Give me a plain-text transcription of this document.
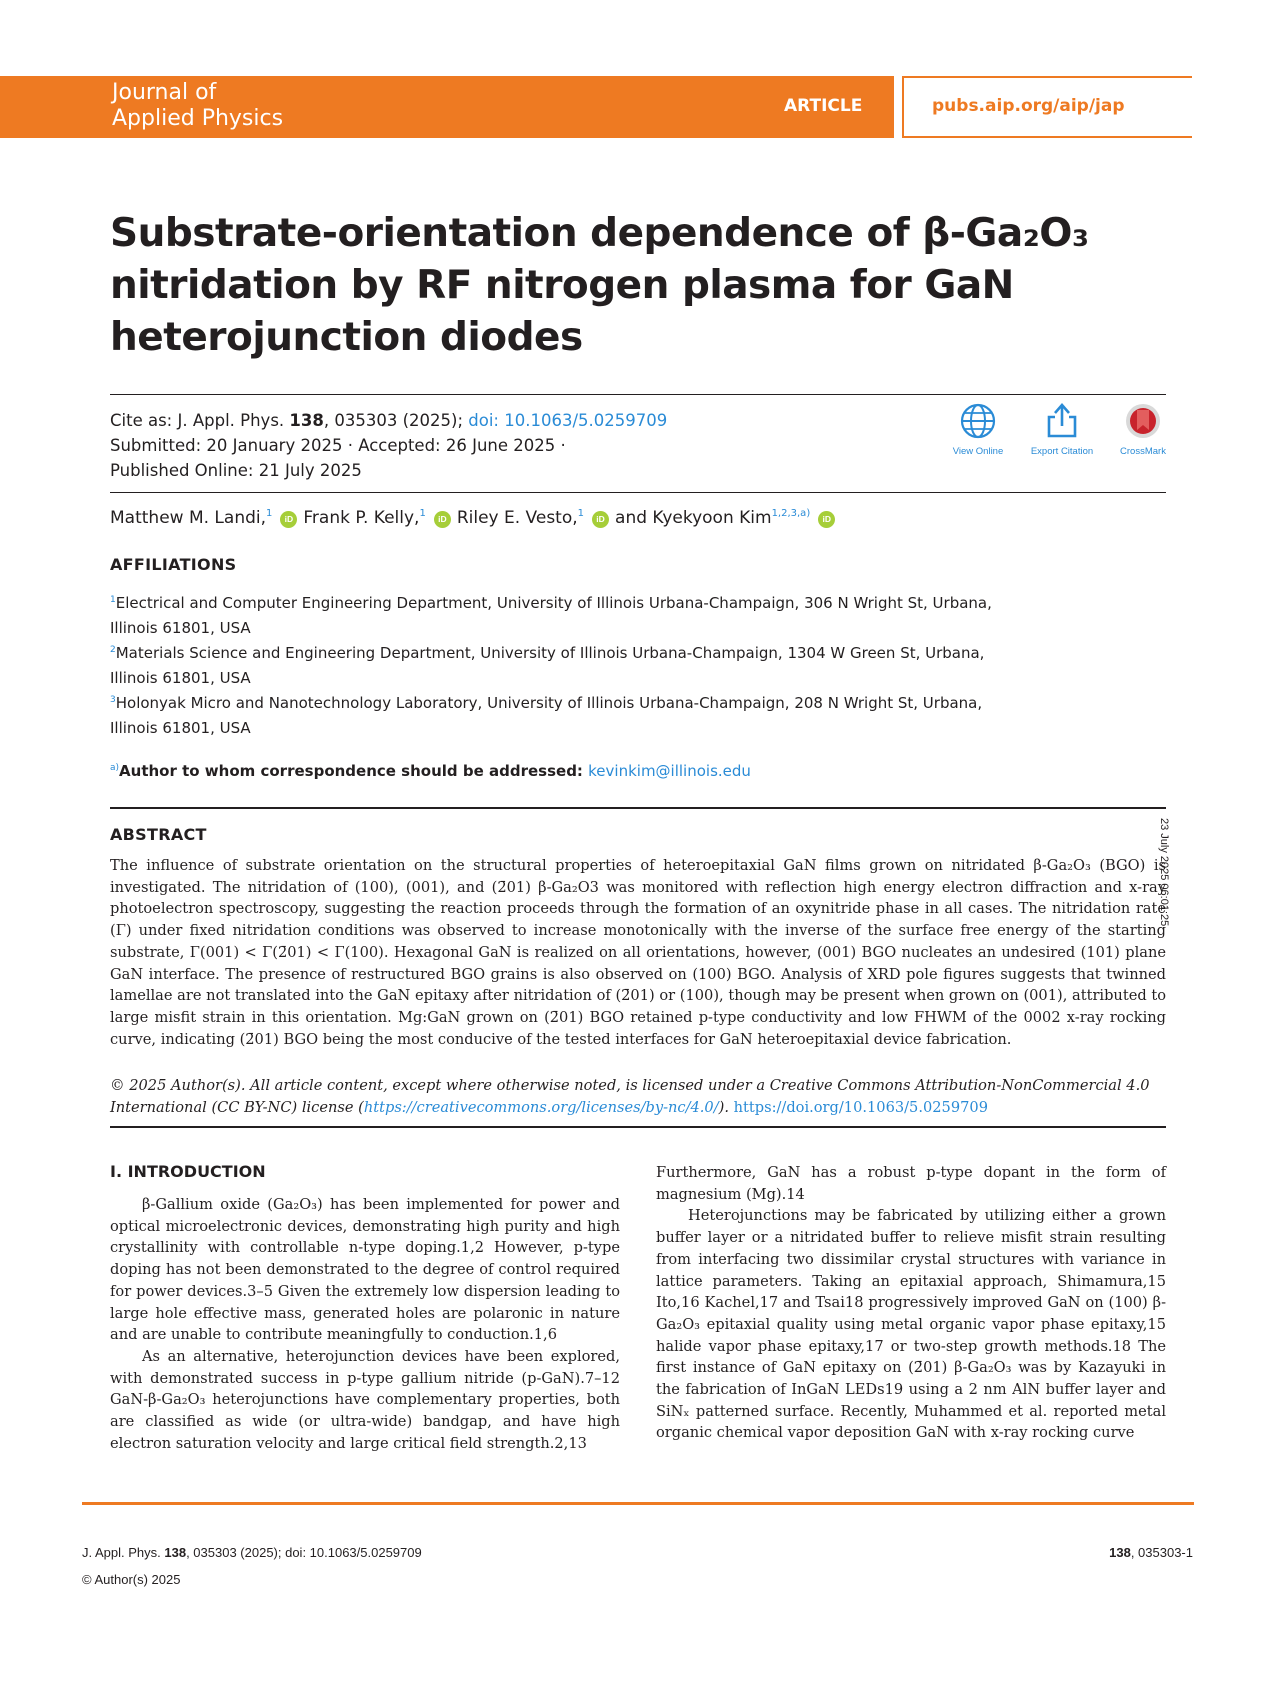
Journal of
Applied Physics	ARTICLE	pubs.aip.org/aip/jap
Substrate-orientation dependence of β-Ga₂O₃
nitridation by RF nitrogen plasma for GaN
heterojunction diodes
Cite as: J. Appl. Phys. 138, 035303 (2025); doi: 10.1063/5.0259709
Submitted: 20 January 2025 · Accepted: 26 June 2025 ·
Published Online: 21 July 2025
View Online	Export Citation	CrossMark
Matthew M. Landi,$^1$ iD Frank P. Kelly,$^1$ iD Riley E. Vesto,$^1$ iD and Kyekyoon Kim$^{1,2,3,a)}$ iD
AFFILIATIONS
$^1$Electrical and Computer Engineering Department, University of Illinois Urbana-Champaign, 306 N Wright St, Urbana,
Illinois 61801, USA
$^2$Materials Science and Engineering Department, University of Illinois Urbana-Champaign, 1304 W Green St, Urbana,
Illinois 61801, USA
$^3$Holonyak Micro and Nanotechnology Laboratory, University of Illinois Urbana-Champaign, 208 N Wright St, Urbana,
Illinois 61801, USA
$^{a)}$Author to whom correspondence should be addressed: kevinkim@illinois.edu
ABSTRACT
The influence of substrate orientation on the structural properties of heteroepitaxial GaN films grown on nitridated β-Ga₂O₃ (BGO) is investigated. The nitridation of (100), (001), and (2̄01) β-Ga₂O3 was monitored with reflection high energy electron diffraction and x-ray photoelectron spectroscopy, suggesting the reaction proceeds through the formation of an oxynitride phase in all cases. The nitridation rate (Γ) under fixed nitridation conditions was observed to increase monotonically with the inverse of the surface free energy of the starting substrate, Γ(001) < Γ(2̄01) < Γ(100). Hexagonal GaN is realized on all orientations, however, (001) BGO nucleates an undesired (101) plane GaN interface. The presence of restructured BGO grains is also observed on (100) BGO. Analysis of XRD pole figures suggests that twinned lamellae are not translated into the GaN epitaxy after nitridation of (2̄01) or (100), though may be present when grown on (001), attributed to large misfit strain in this orientation. Mg:GaN grown on (2̄01) BGO retained p-type conductivity and low FHWM of the 0002 x-ray rocking curve, indicating (2̄01) BGO being the most conducive of the tested interfaces for GaN heteroepitaxial device fabrication.
© 2025 Author(s). All article content, except where otherwise noted, is licensed under a Creative Commons Attribution-NonCommercial 4.0 International (CC BY-NC) license (https://creativecommons.org/licenses/by-nc/4.0/). https://doi.org/10.1063/5.0259709
23 July 2025 06:01:25
I. INTRODUCTION

β-Gallium oxide (Ga₂O₃) has been implemented for power and optical microelectronic devices, demonstrating high purity and high crystallinity with controllable n-type doping.1,2 However, p-type doping has not been demonstrated to the degree of control required for power devices.3–5 Given the extremely low dispersion leading to large hole effective mass, generated holes are polaronic in nature and are unable to contribute meaningfully to conduction.1,6

As an alternative, heterojunction devices have been explored, with demonstrated success in p-type gallium nitride (p-GaN).7–12 GaN-β-Ga₂O₃ heterojunctions have complementary properties, both are classified as wide (or ultra-wide) bandgap, and have high electron saturation velocity and large critical field strength.2,13

Furthermore, GaN has a robust p-type dopant in the form of magnesium (Mg).14

Heterojunctions may be fabricated by utilizing either a grown buffer layer or a nitridated buffer to relieve misfit strain resulting from interfacing two dissimilar crystal structures with variance in lattice parameters. Taking an epitaxial approach, Shimamura,15 Ito,16 Kachel,17 and Tsai18 progressively improved GaN on (100) β-Ga₂O₃ epitaxial quality using metal organic vapor phase epitaxy,15 halide vapor phase epitaxy,17 or two-step growth methods.18 The first instance of GaN epitaxy on (2̄01) β-Ga₂O₃ was by Kazayuki in the fabrication of InGaN LEDs19 using a 2 nm AlN buffer layer and SiNₓ patterned surface. Recently, Muhammed et al. reported metal organic chemical vapor deposition GaN with x-ray rocking curve

J. Appl. Phys. 138, 035303 (2025); doi: 10.1063/5.0259709
© Author(s) 2025
138, 035303-1
